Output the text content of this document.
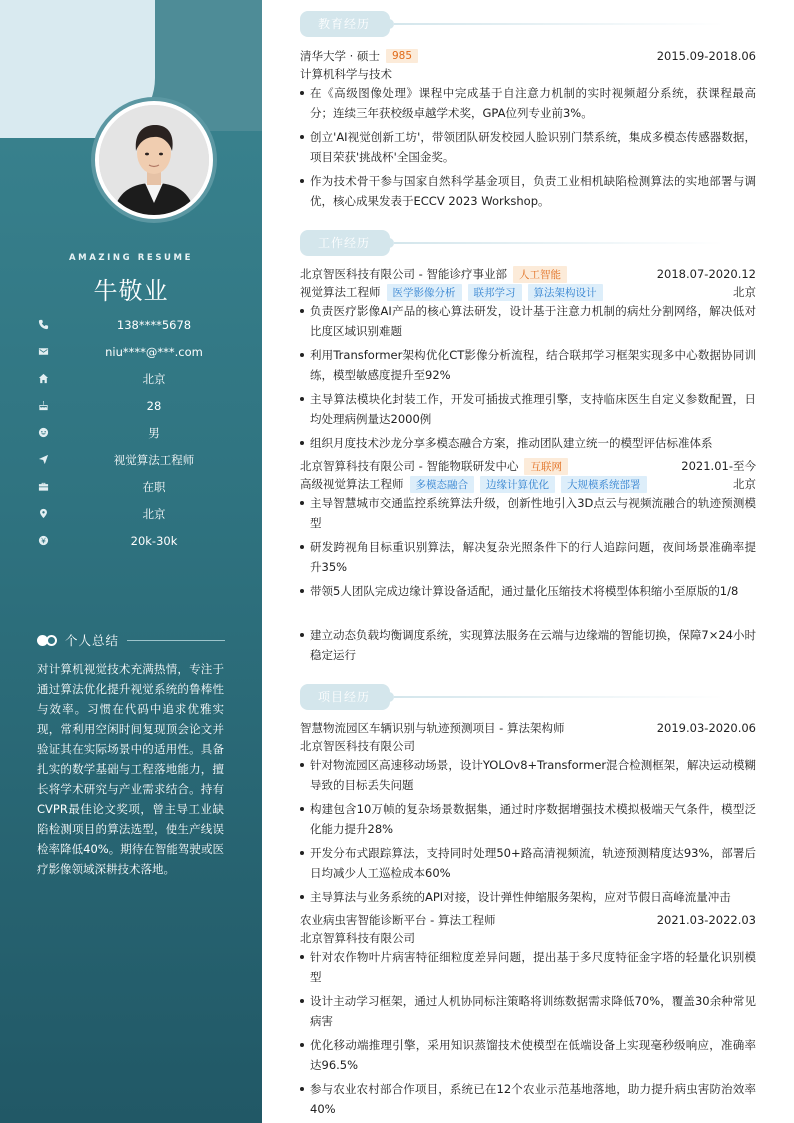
AMAZING RESUME
牛敬业
138****5678
niu****@***.com
北京
28
男
视觉算法工程师
在职
北京
20k-30k
个人总结
对计算机视觉技术充满热情，专注于通过算法优化提升视觉系统的鲁棒性与效率。习惯在代码中追求优雅实现，常利用空闲时间复现顶会论文并验证其在实际场景中的适用性。具备扎实的数学基础与工程落地能力，擅长将学术研究与产业需求结合。持有CVPR最佳论文奖项，曾主导工业缺陷检测项目的算法选型，使生产线误检率降低40%。期待在智能驾驶或医疗影像领域深耕技术落地。
教育经历
清华大学 · 硕士	985	2015.09-2018.06
计算机科学与技术
在《高级图像处理》课程中完成基于自注意力机制的实时视频超分系统，获课程最高分；连续三年获校级卓越学术奖，GPA位列专业前3%。
创立'AI视觉创新工坊'，带领团队研发校园人脸识别门禁系统，集成多模态传感器数据，项目荣获'挑战杯'全国金奖。
作为技术骨干参与国家自然科学基金项目，负责工业相机缺陷检测算法的实地部署与调优，核心成果发表于ECCV 2023 Workshop。
工作经历
北京智医科技有限公司 - 智能诊疗事业部	人工智能	2018.07-2020.12
视觉算法工程师	医学影像分析	联邦学习	算法架构设计	北京
负责医疗影像AI产品的核心算法研发，设计基于注意力机制的病灶分割网络，解决低对比度区域识别难题
利用Transformer架构优化CT影像分析流程，结合联邦学习框架实现多中心数据协同训练，模型敏感度提升至92%
主导算法模块化封装工作，开发可插拔式推理引擎，支持临床医生自定义参数配置，日均处理病例量达2000例
组织月度技术沙龙分享多模态融合方案，推动团队建立统一的模型评估标准体系
北京智算科技有限公司 - 智能物联研发中心	互联网	2021.01-至今
高级视觉算法工程师	多模态融合	边缘计算优化	大规模系统部署	北京
主导智慧城市交通监控系统算法升级，创新性地引入3D点云与视频流融合的轨迹预测模型
研发跨视角目标重识别算法，解决复杂光照条件下的行人追踪问题，夜间场景准确率提升35%
带领5人团队完成边缘计算设备适配，通过量化压缩技术将模型体积缩小至原版的1/8
建立动态负载均衡调度系统，实现算法服务在云端与边缘端的智能切换，保障7×24小时稳定运行
项目经历
智慧物流园区车辆识别与轨迹预测项目 - 算法架构师	2019.03-2020.06
北京智医科技有限公司
针对物流园区高速移动场景，设计YOLOv8+Transformer混合检测框架，解决运动模糊导致的目标丢失问题
构建包含10万帧的复杂场景数据集，通过时序数据增强技术模拟极端天气条件，模型泛化能力提升28%
开发分布式跟踪算法，支持同时处理50+路高清视频流，轨迹预测精度达93%，部署后日均减少人工巡检成本60%
主导算法与业务系统的API对接，设计弹性伸缩服务架构，应对节假日高峰流量冲击
农业病虫害智能诊断平台 - 算法工程师	2021.03-2022.03
北京智算科技有限公司
针对农作物叶片病害特征细粒度差异问题，提出基于多尺度特征金字塔的轻量化识别模型
设计主动学习框架，通过人机协同标注策略将训练数据需求降低70%，覆盖30余种常见病害
优化移动端推理引擎，采用知识蒸馏技术使模型在低端设备上实现毫秒级响应，准确率达96.5%
参与农业农村部合作项目，系统已在12个农业示范基地落地，助力提升病虫害防治效率40%
